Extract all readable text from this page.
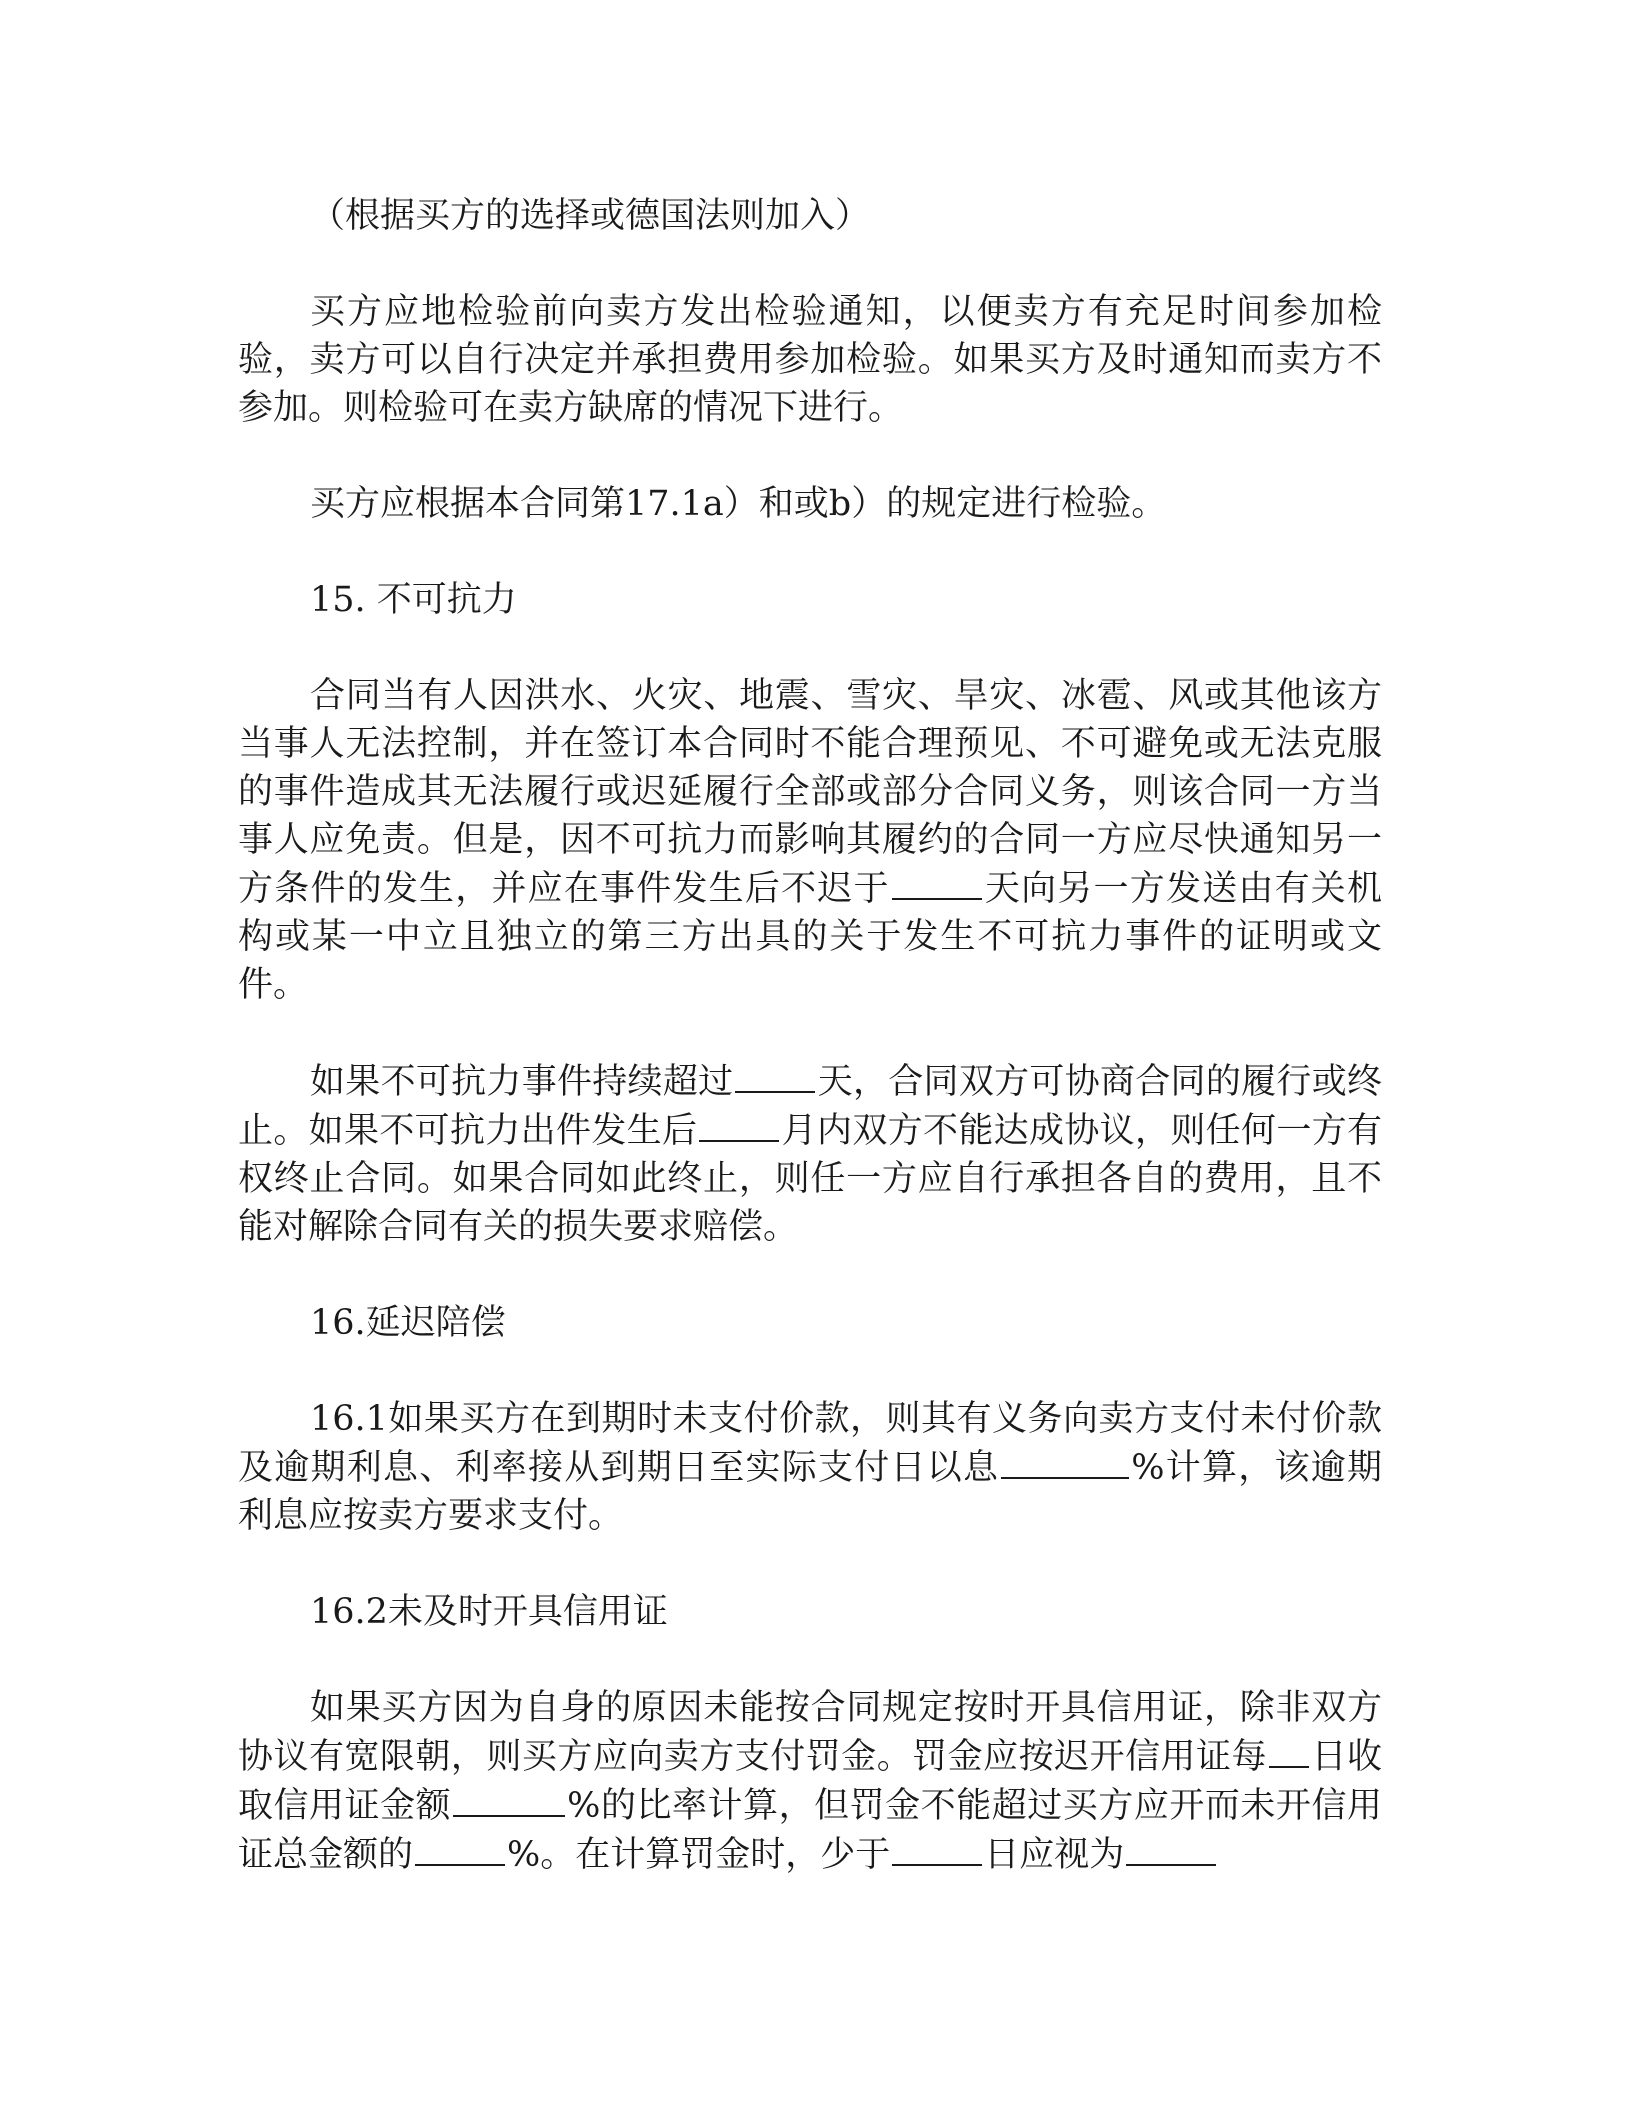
（根据买方的选择或德国法则加入）

买方应地检验前向卖方发出检验通知，以便卖方有充足时间参加检验，卖方可以自行决定并承担费用参加检验。如果买方及时通知而卖方不参加。则检验可在卖方缺席的情况下进行。

买方应根据本合同第17.1a）和或b）的规定进行检验。

15. 不可抗力

合同当有人因洪水、火灾、地震、雪灾、旱灾、冰雹、风或其他该方当事人无法控制，并在签订本合同时不能合理预见、不可避免或无法克服的事件造成其无法履行或迟延履行全部或部分合同义务，则该合同一方当事人应免责。但是，因不可抗力而影响其履约的合同一方应尽快通知另一方条件的发生，并应在事件发生后不迟于	天向另一方发送由有关机构或某一中立且独立的第三方出具的关于发生不可抗力事件的证明或文件。

如果不可抗力事件持续超过 天，合同双方可协商合同的履行或终止。如果不可抗力出件发生后 月内双方不能达成协议，则任何一方有权终止合同。如果合同如此终止，则任一方应自行承担各自的费用，且不能对解除合同有关的损失要求赔偿。

16.延迟陪偿

16.1如果买方在到期时未支付价款，则其有义务向卖方支付未付价款及逾期利息、利率接从到期日至实际支付日以息	%计算，该逾期利息应按卖方要求支付。

16.2未及时开具信用证

如果买方因为自身的原因未能按合同规定按时开具信用证，除非双方协议有宽限朝，则买方应向卖方支付罚金。罚金应按迟开信用证每 日收取信用证金额	%的比率计算，但罚金不能超过买方应开而未开信用证总金额的	%。在计算罚金时，少于	日应视为
